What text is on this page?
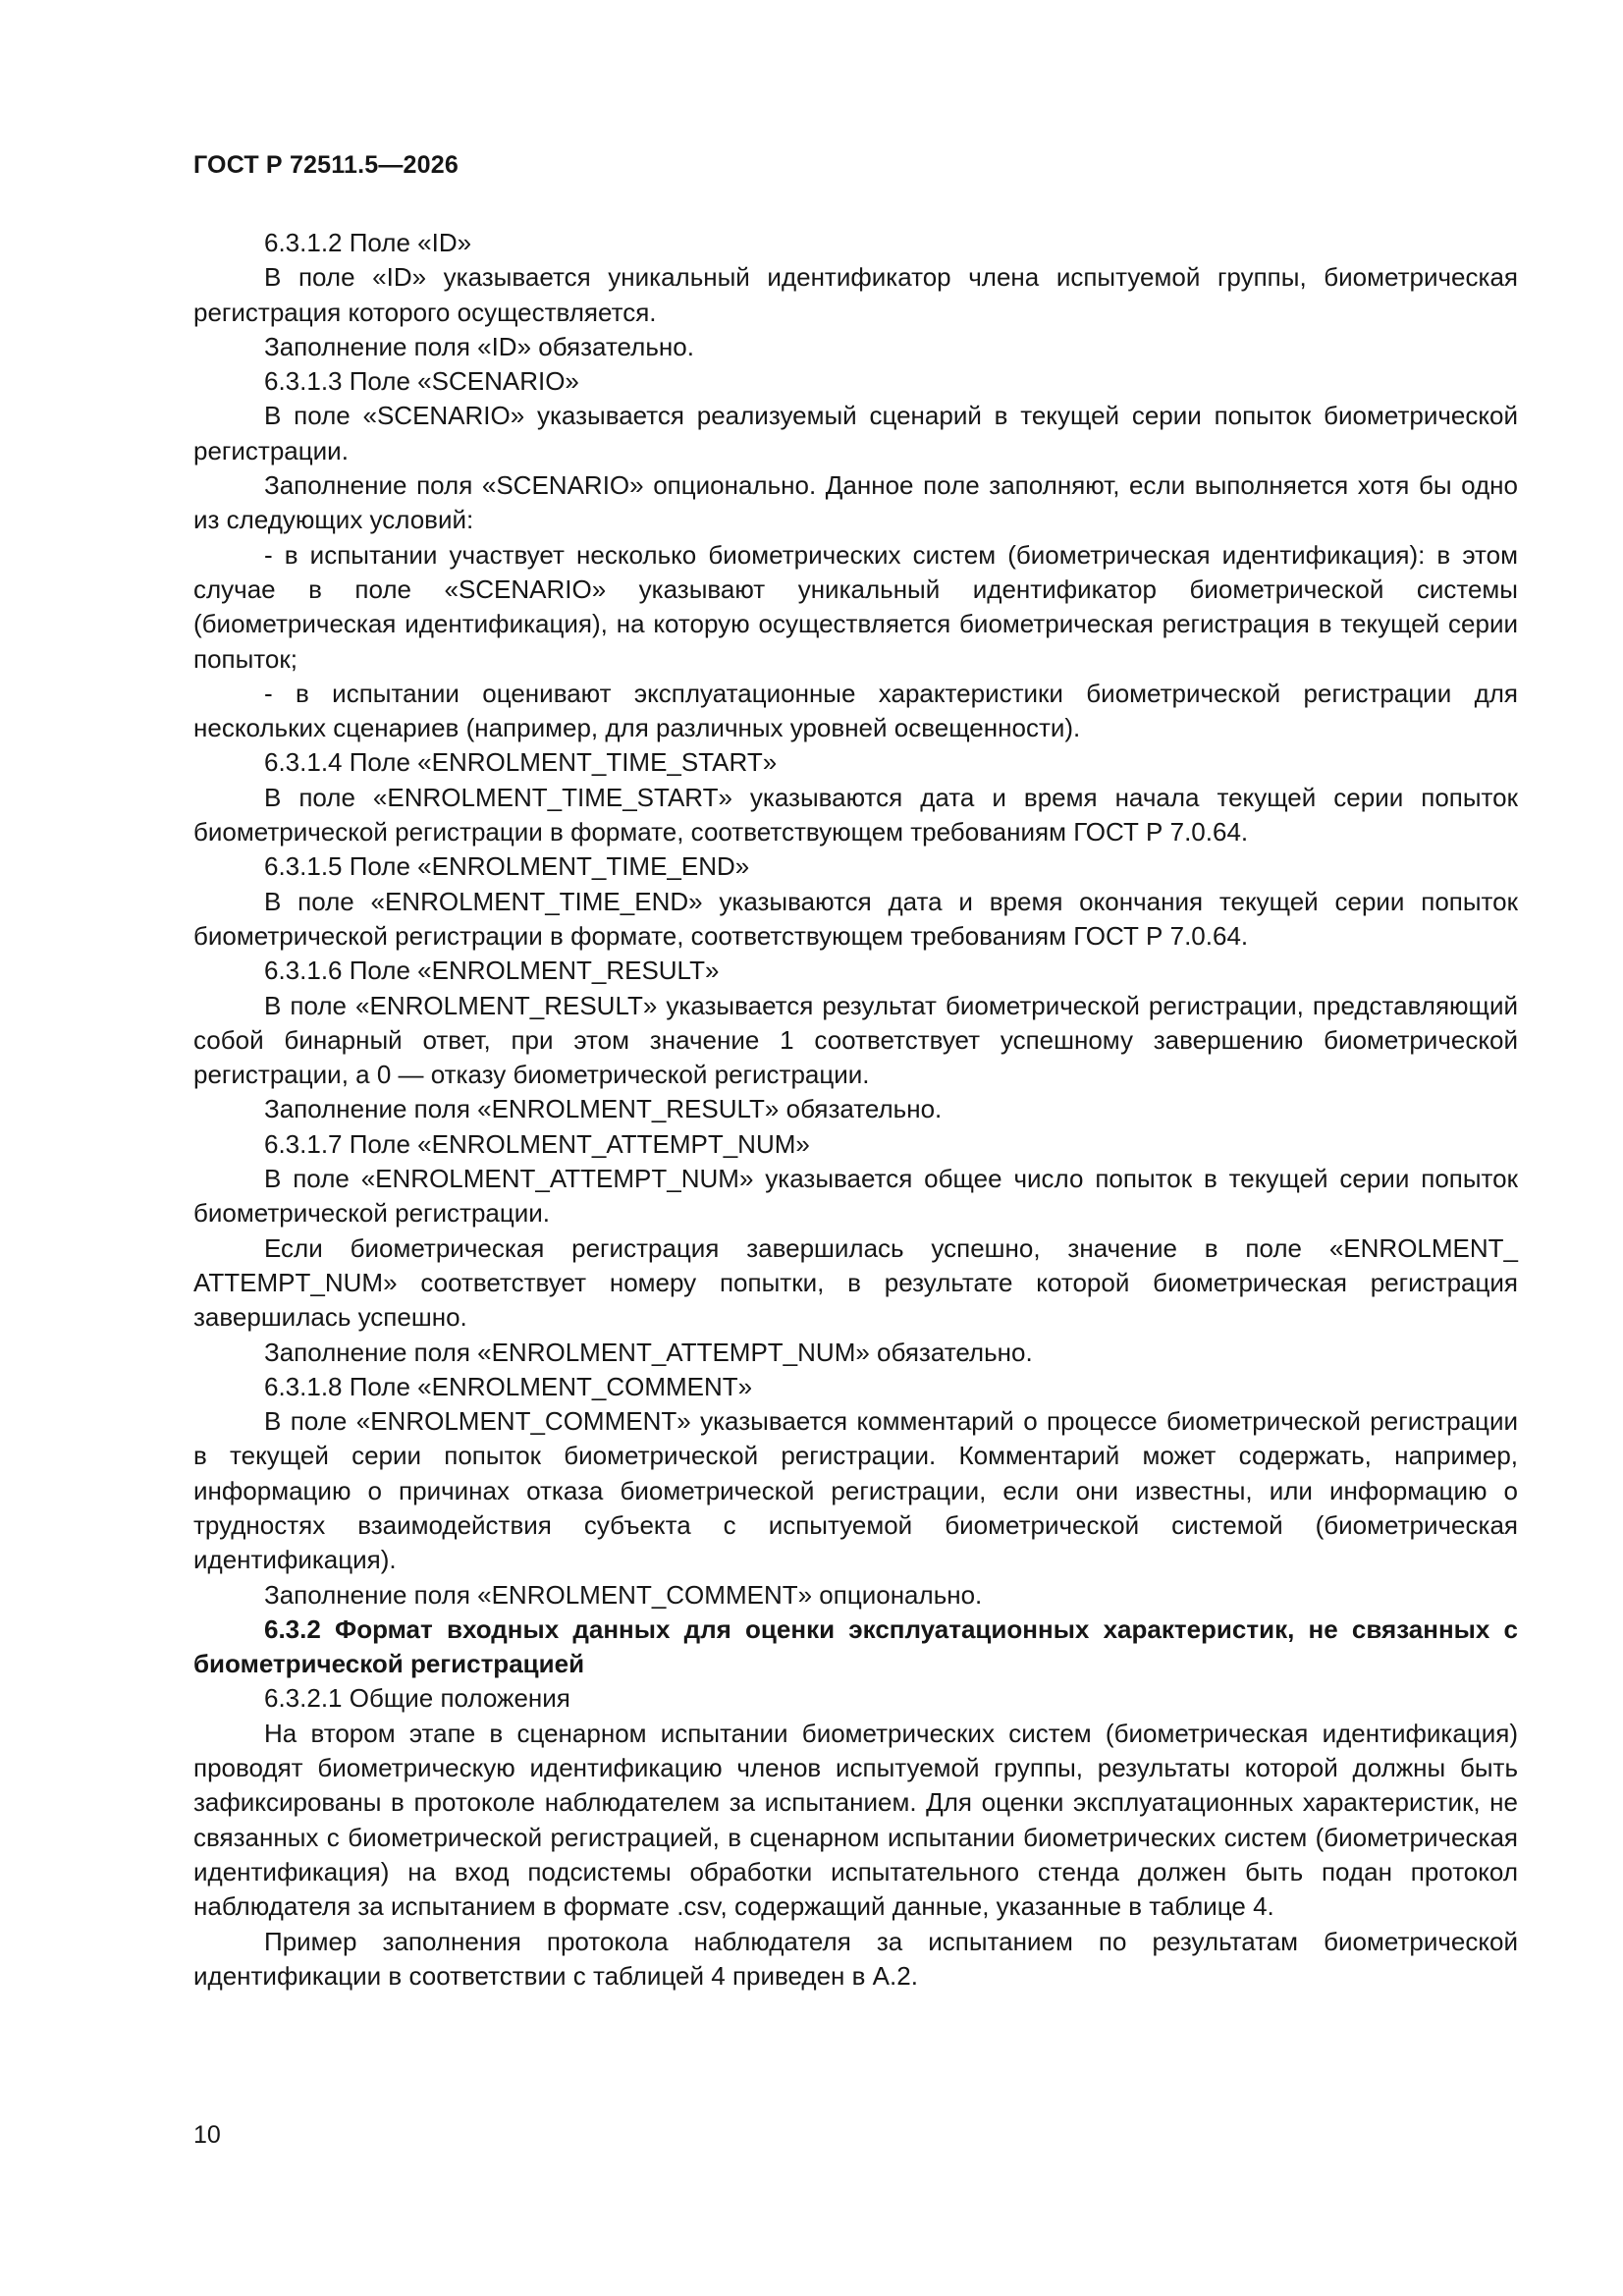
ГОСТ Р 72511.5—2026

6.3.1.2 Поле «ID»

В поле «ID» указывается уникальный идентификатор члена испытуемой группы, биометрическая регистрация которого осуществляется.

Заполнение поля «ID» обязательно.

6.3.1.3 Поле «SCENARIO»

В поле «SCENARIO» указывается реализуемый сценарий в текущей серии попыток биометрической регистрации.

Заполнение поля «SCENARIO» опционально. Данное поле заполняют, если выполняется хотя бы одно из следующих условий:

- в испытании участвует несколько биометрических систем (биометрическая идентификация): в этом случае в поле «SCENARIO» указывают уникальный идентификатор биометрической системы (биометрическая идентификация), на которую осуществляется биометрическая регистрация в текущей серии попыток;

- в испытании оценивают эксплуатационные характеристики биометрической регистрации для нескольких сценариев (например, для различных уровней освещенности).

6.3.1.4 Поле «ENROLMENT_TIME_START»

В поле «ENROLMENT_TIME_START» указываются дата и время начала текущей серии попыток биометрической регистрации в формате, соответствующем требованиям ГОСТ Р 7.0.64.

6.3.1.5 Поле «ENROLMENT_TIME_END»

В поле «ENROLMENT_TIME_END» указываются дата и время окончания текущей серии попыток биометрической регистрации в формате, соответствующем требованиям ГОСТ Р 7.0.64.

6.3.1.6 Поле «ENROLMENT_RESULT»

В поле «ENROLMENT_RESULT» указывается результат биометрической регистрации, представляющий собой бинарный ответ, при этом значение 1 соответствует успешному завершению биометрической регистрации, а 0 — отказу биометрической регистрации.

Заполнение поля «ENROLMENT_RESULT» обязательно.

6.3.1.7 Поле «ENROLMENT_ATTEMPT_NUM»

В поле «ENROLMENT_ATTEMPT_NUM» указывается общее число попыток в текущей серии попыток биометрической регистрации.

Если биометрическая регистрация завершилась успешно, значение в поле «ENROLMENT_ ATTEMPT_NUM» соответствует номеру попытки, в результате которой биометрическая регистрация завершилась успешно.

Заполнение поля «ENROLMENT_ATTEMPT_NUM» обязательно.

6.3.1.8 Поле «ENROLMENT_COMMENT»

В поле «ENROLMENT_COMMENT» указывается комментарий о процессе биометрической регистрации в текущей серии попыток биометрической регистрации. Комментарий может содержать, например, информацию о причинах отказа биометрической регистрации, если они известны, или информацию о трудностях взаимодействия субъекта с испытуемой биометрической системой (биометрическая идентификация).

Заполнение поля «ENROLMENT_COMMENT» опционально.

6.3.2 Формат входных данных для оценки эксплуатационных характеристик, не связанных с биометрической регистрацией

6.3.2.1 Общие положения

На втором этапе в сценарном испытании биометрических систем (биометрическая идентификация) проводят биометрическую идентификацию членов испытуемой группы, результаты которой должны быть зафиксированы в протоколе наблюдателем за испытанием. Для оценки эксплуатационных характеристик, не связанных с биометрической регистрацией, в сценарном испытании биометрических систем (биометрическая идентификация) на вход подсистемы обработки испытательного стенда должен быть подан протокол наблюдателя за испытанием в формате .csv, содержащий данные, указанные в таблице 4.

Пример заполнения протокола наблюдателя за испытанием по результатам биометрической идентификации в соответствии с таблицей 4 приведен в А.2.

10
